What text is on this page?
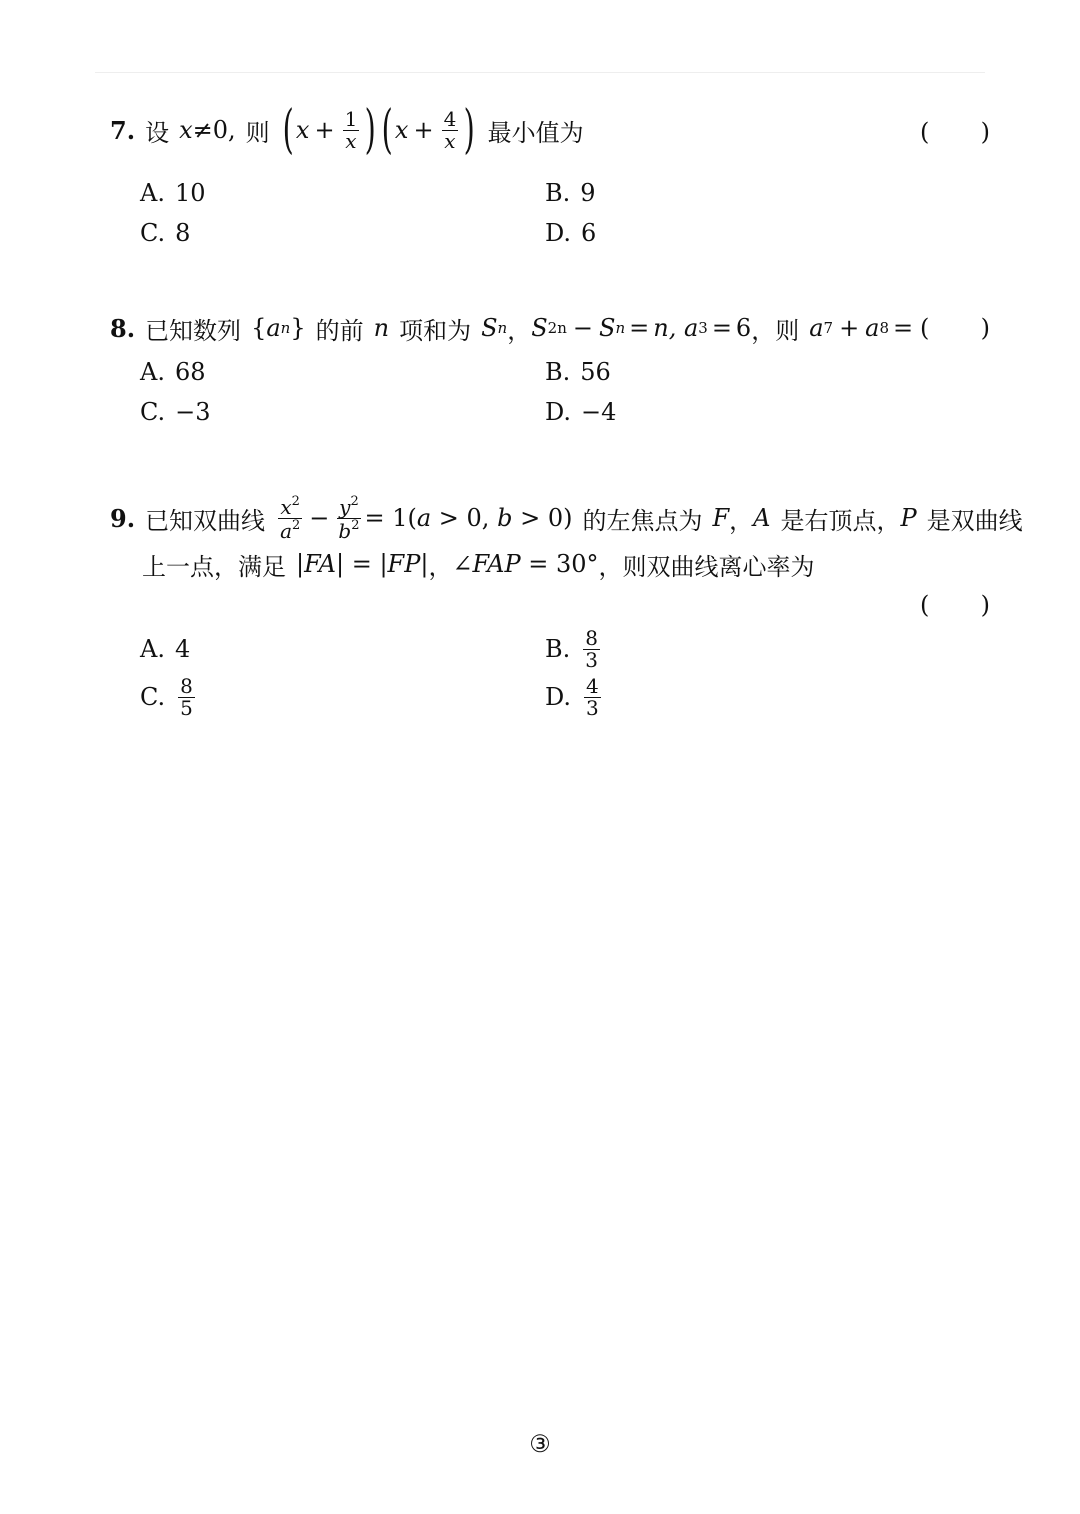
7. 设 x ≠ 0, 则 ( $x + \frac{1}{x}$ ) ( $x + \frac{4}{x}$ ) 最小值为	( )
A. 10	B. 9
C. 8	D. 6
8. 已知数列 { a n } 的前 n 项和为 S n ， S 2n − S n = n , a 3 = 6 ，则 a 7 + a 8 = ( )
A. 68	B. 56
C. −3	D. −4
9. 已知双曲线 $\frac{x^2}{a^2} - \frac{y^2}{b^2} = 1$( a > 0, b > 0) 的左焦点为 F ， A 是右顶点， P 是双曲线
上一点，满足 |FA| = |FP| ， ∠FAP = 30° ，则双曲线离心率为
( )
A. 4	B. $\frac{8}{3}$
C. $\frac{8}{5}$	D. $\frac{4}{3}$
③
